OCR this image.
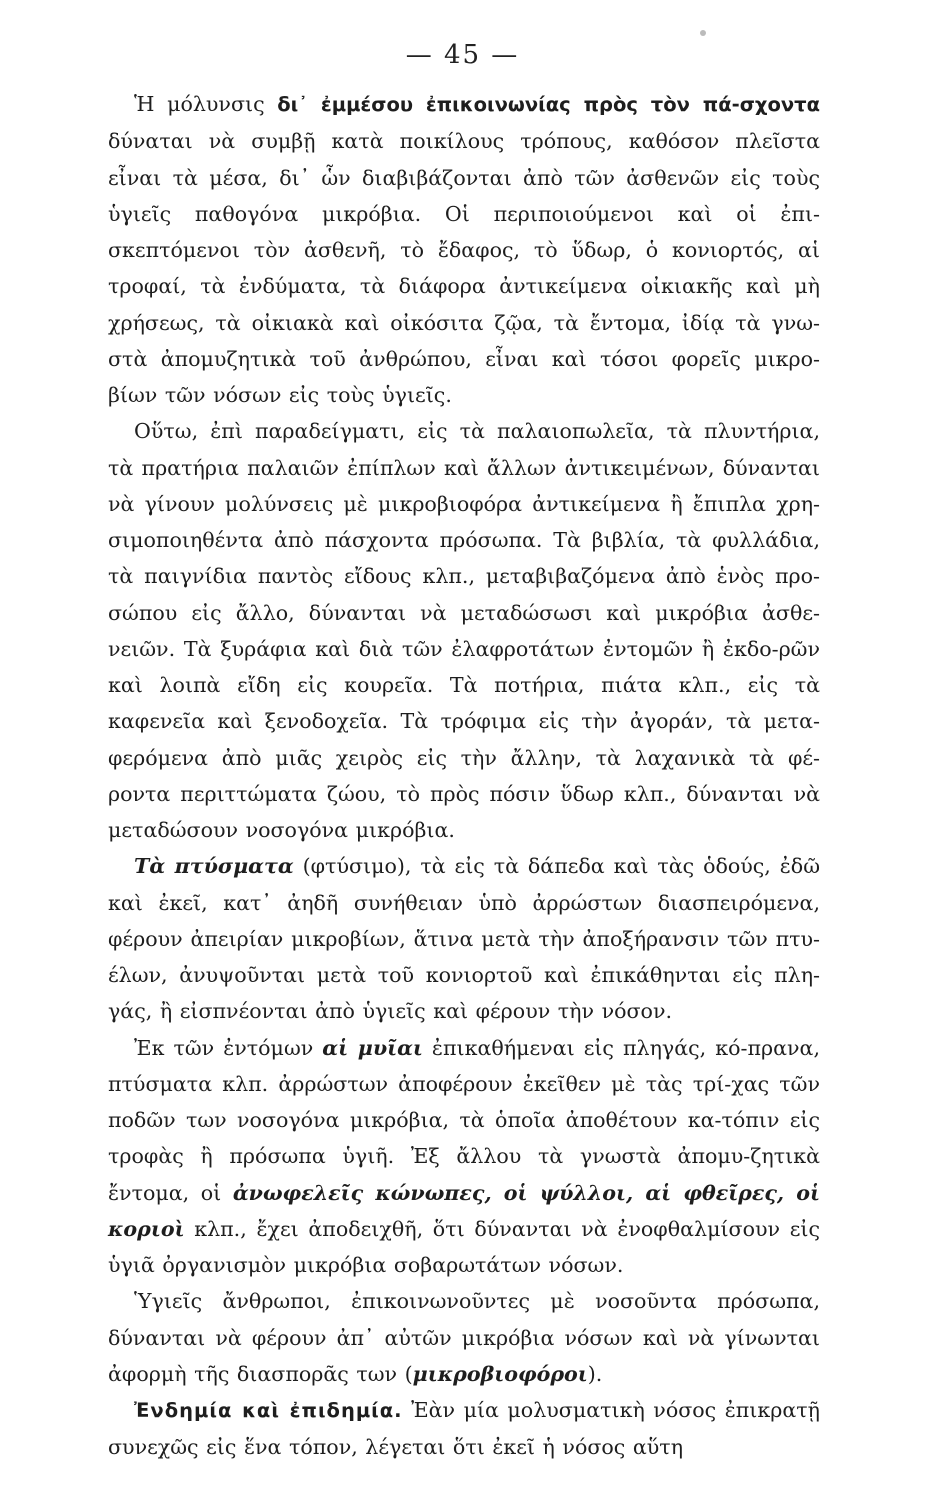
— 45 —

Ἡ μόλυνσις δι᾽ ἐμμέσου ἐπικοινωνίας πρὸς τὸν πά-σχοντα δύναται νὰ συμβῇ κατὰ ποικίλους τρόπους, καθόσον πλεῖστα εἶναι τὰ μέσα, δι᾽ ὧν διαβιβάζονται ἀπὸ τῶν ἀσθενῶν εἰς τοὺς ὑγιεῖς παθογόνα μικρόβια. Οἱ περιποιούμενοι καὶ οἱ ἐπι-σκεπτόμενοι τὸν ἀσθενῆ, τὸ ἔδαφος, τὸ ὕδωρ, ὁ κονιορτός, αἱ τροφαί, τὰ ἐνδύματα, τὰ διάφορα ἀντικείμενα οἰκιακῆς καὶ μὴ χρήσεως, τὰ οἰκιακὰ καὶ οἰκόσιτα ζῷα, τὰ ἔντομα, ἰδίᾳ τὰ γνω-στὰ ἀπομυζητικὰ τοῦ ἀνθρώπου, εἶναι καὶ τόσοι φορεῖς μικρο-βίων τῶν νόσων εἰς τοὺς ὑγιεῖς.

Οὕτω, ἐπὶ παραδείγματι, εἰς τὰ παλαιοπωλεῖα, τὰ πλυντήρια, τὰ πρατήρια παλαιῶν ἐπίπλων καὶ ἄλλων ἀντικειμένων, δύνανται νὰ γίνουν μολύνσεις μὲ μικροβιοφόρα ἀντικείμενα ἢ ἔπιπλα χρη-σιμοποιηθέντα ἀπὸ πάσχοντα πρόσωπα. Τὰ βιβλία, τὰ φυλλάδια, τὰ παιγνίδια παντὸς εἴδους κλπ., μεταβιβαζόμενα ἀπὸ ἑνὸς προ-σώπου εἰς ἄλλο, δύνανται νὰ μεταδώσωσι καὶ μικρόβια ἀσθε-νειῶν. Τὰ ξυράφια καὶ διὰ τῶν ἐλαφροτάτων ἐντομῶν ἢ ἐκδο-ρῶν καὶ λοιπὰ εἴδη εἰς κουρεῖα. Τὰ ποτήρια, πιάτα κλπ., εἰς τὰ καφενεῖα καὶ ξενοδοχεῖα. Τὰ τρόφιμα εἰς τὴν ἀγοράν, τὰ μετα-φερόμενα ἀπὸ μιᾶς χειρὸς εἰς τὴν ἄλλην, τὰ λαχανικὰ τὰ φέ-ροντα περιττώματα ζώου, τὸ πρὸς πόσιν ὕδωρ κλπ., δύνανται νὰ μεταδώσουν νοσογόνα μικρόβια.

Τὰ πτύσματα (φτύσιμο), τὰ εἰς τὰ δάπεδα καὶ τὰς ὁδούς, ἐδῶ καὶ ἐκεῖ, κατ᾽ ἀηδῆ συνήθειαν ὑπὸ ἀρρώστων διασπειρόμενα, φέρουν ἀπειρίαν μικροβίων, ἅτινα μετὰ τὴν ἀποξήρανσιν τῶν πτυ-έλων, ἀνυψοῦνται μετὰ τοῦ κονιορτοῦ καὶ ἐπικάθηνται εἰς πλη-γάς, ἢ εἰσπνέονται ἀπὸ ὑγιεῖς καὶ φέρουν τὴν νόσον.

Ἐκ τῶν ἐντόμων αἱ μυῖαι ἐπικαθήμεναι εἰς πληγάς, κό-πρανα, πτύσματα κλπ. ἀρρώστων ἀποφέρουν ἐκεῖθεν μὲ τὰς τρί-χας τῶν ποδῶν των νοσογόνα μικρόβια, τὰ ὁποῖα ἀποθέτουν κα-τόπιν εἰς τροφὰς ἢ πρόσωπα ὑγιῆ. Ἐξ ἄλλου τὰ γνωστὰ ἀπομυ-ζητικὰ ἔντομα, οἱ ἀνωφελεῖς κώνωπες, οἱ ψύλλοι, αἱ φθεῖρες, οἱ κοριοὶ κλπ., ἔχει ἀποδειχθῆ, ὅτι δύνανται νὰ ἐνοφθαλμίσουν εἰς ὑγιᾶ ὀργανισμὸν μικρόβια σοβαρωτάτων νόσων.

Ὑγιεῖς ἄνθρωποι, ἐπικοινωνοῦντες μὲ νοσοῦντα πρόσωπα, δύνανται νὰ φέρουν ἀπ᾽ αὐτῶν μικρόβια νόσων καὶ νὰ γίνωνται ἀφορμὴ τῆς διασπορᾶς των (μικροβιοφόροι).

Ἐνδημία καὶ ἐπιδημία. Ἐὰν μία μολυσματικὴ νόσος ἐπικρατῇ συνεχῶς εἰς ἕνα τόπον, λέγεται ὅτι ἐκεῖ ἡ νόσος αὕτη
